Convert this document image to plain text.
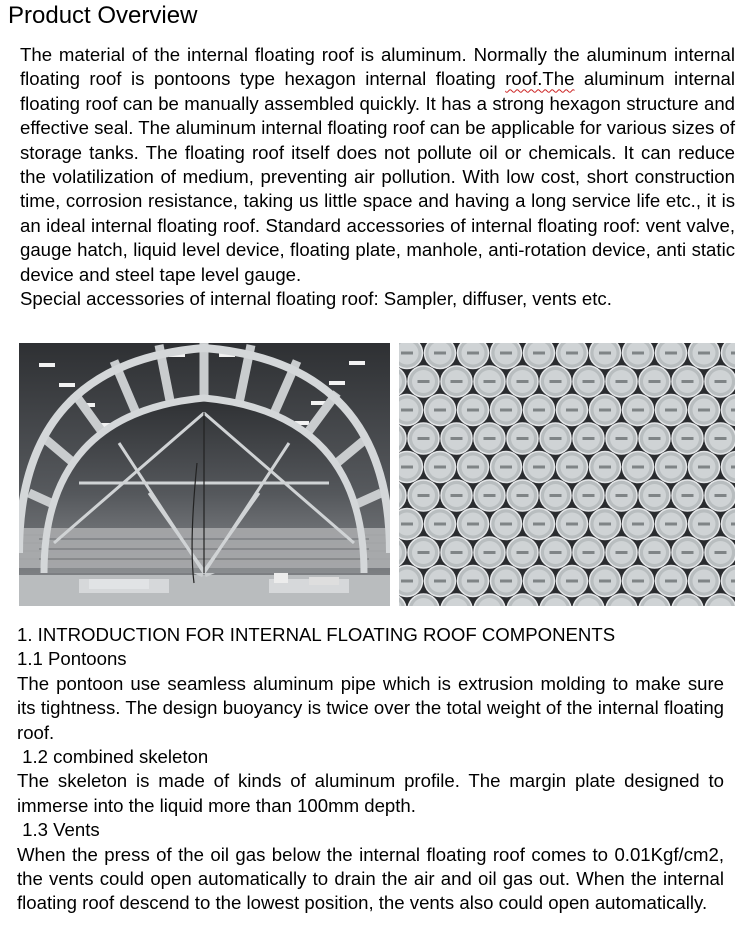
Product Overview

The material of the internal floating roof is aluminum. Normally the aluminum internal floating roof is pontoons type hexagon internal floating roof.The aluminum internal floating roof can be manually assembled quickly. It has a strong hexagon structure and effective seal. The aluminum internal floating roof can be applicable for various sizes of storage tanks. The floating roof itself does not pollute oil or chemicals. It can reduce the volatilization of medium, preventing air pollution. With low cost, short construction time, corrosion resistance, taking us little space and having a long service life etc., it is an ideal internal floating roof. Standard accessories of internal floating roof: vent valve, gauge hatch, liquid level device, floating plate, manhole, anti-rotation device, anti static device and steel tape level gauge.

Special accessories of internal floating roof: Sampler, diffuser, vents etc.

1. INTRODUCTION FOR INTERNAL FLOATING ROOF COMPONENTS

1.1 Pontoons

The pontoon use seamless aluminum pipe which is extrusion molding to make sure its tightness. The design buoyancy is twice over the total weight of the internal floating roof.

1.2 combined skeleton

The skeleton is made of kinds of aluminum profile. The margin plate designed to immerse into the liquid more than 100mm depth.

1.3 Vents

When the press of the oil gas below the internal floating roof comes to 0.01Kgf/cm2, the vents could open automatically to drain the air and oil gas out. When the internal floating roof descend to the lowest position, the vents also could open automatically.
